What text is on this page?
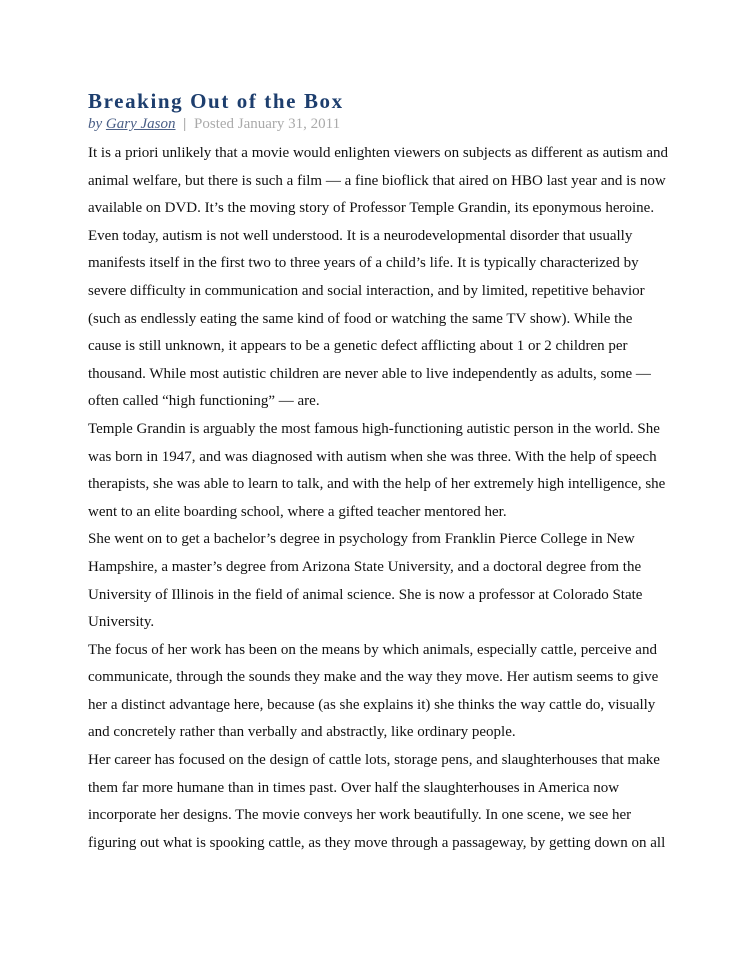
Breaking Out of the Box
by Gary Jason | Posted January 31, 2011

It is a priori unlikely that a movie would enlighten viewers on subjects as different as autism and animal welfare, but there is such a film — a fine bioflick that aired on HBO last year and is now available on DVD. It’s the moving story of Professor Temple Grandin, its eponymous heroine.

Even today, autism is not well understood. It is a neurodevelopmental disorder that usually manifests itself in the first two to three years of a child’s life. It is typically characterized by severe difficulty in communication and social interaction, and by limited, repetitive behavior (such as endlessly eating the same kind of food or watching the same TV show). While the cause is still unknown, it appears to be a genetic defect afflicting about 1 or 2 children per thousand. While most autistic children are never able to live independently as adults, some — often called “high functioning” — are.

Temple Grandin is arguably the most famous high-functioning autistic person in the world. She was born in 1947, and was diagnosed with autism when she was three. With the help of speech therapists, she was able to learn to talk, and with the help of her extremely high intelligence, she went to an elite boarding school, where a gifted teacher mentored her.

She went on to get a bachelor’s degree in psychology from Franklin Pierce College in New Hampshire, a master’s degree from Arizona State University, and a doctoral degree from the University of Illinois in the field of animal science. She is now a professor at Colorado State University.

The focus of her work has been on the means by which animals, especially cattle, perceive and communicate, through the sounds they make and the way they move. Her autism seems to give her a distinct advantage here, because (as she explains it) she thinks the way cattle do, visually and concretely rather than verbally and abstractly, like ordinary people.

Her career has focused on the design of cattle lots, storage pens, and slaughterhouses that make them far more humane than in times past. Over half the slaughterhouses in America now incorporate her designs. The movie conveys her work beautifully. In one scene, we see her figuring out what is spooking cattle, as they move through a passageway, by getting down on all
